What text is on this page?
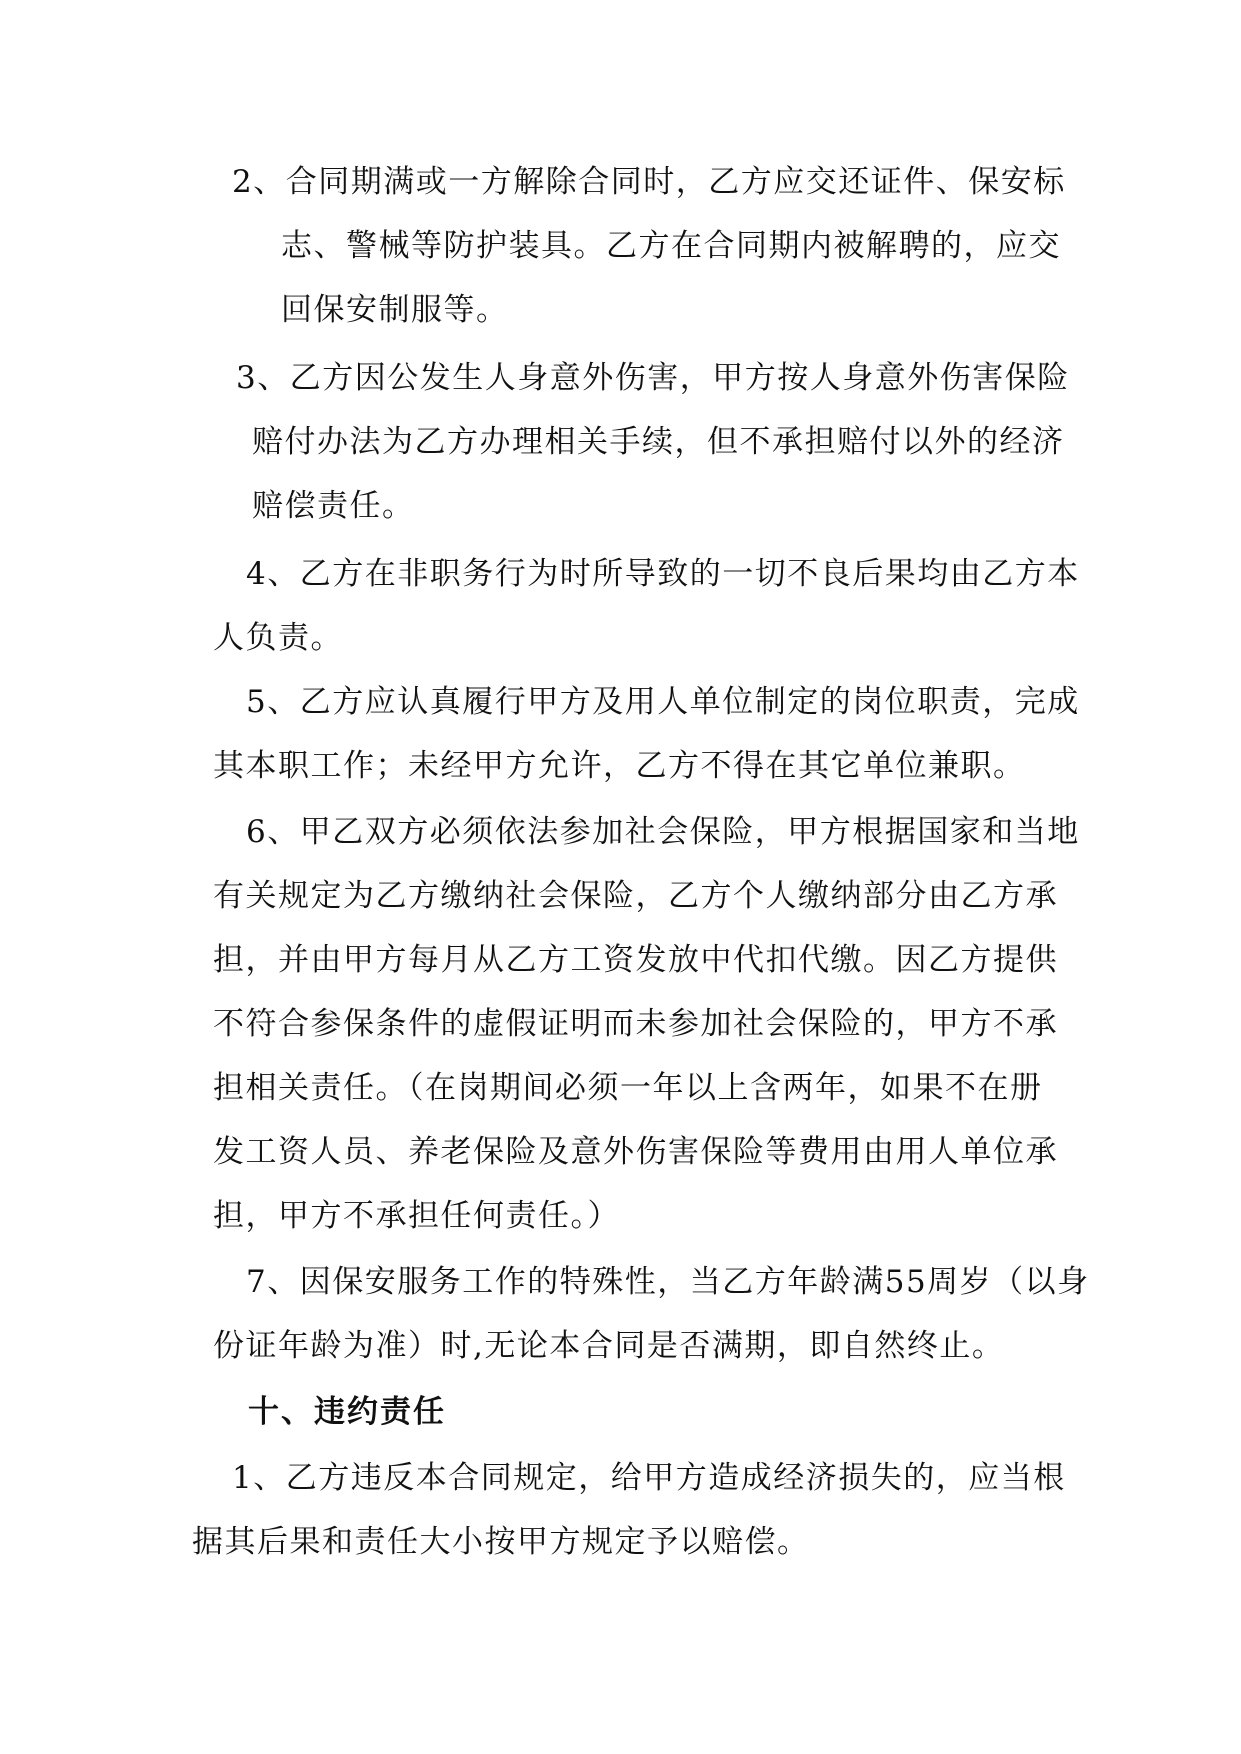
2、合同期满或一方解除合同时，乙方应交还证件、保安标

志、警械等防护装具。乙方在合同期内被解聘的，应交

回保安制服等。

3、乙方因公发生人身意外伤害，甲方按人身意外伤害保险

赔付办法为乙方办理相关手续，但不承担赔付以外的经济

赔偿责任。

4、乙方在非职务行为时所导致的一切不良后果均由乙方本

人负责。

5、乙方应认真履行甲方及用人单位制定的岗位职责，完成

其本职工作；未经甲方允许，乙方不得在其它单位兼职。

6、甲乙双方必须依法参加社会保险，甲方根据国家和当地

有关规定为乙方缴纳社会保险，乙方个人缴纳部分由乙方承

担，并由甲方每月从乙方工资发放中代扣代缴。因乙方提供

不符合参保条件的虚假证明而未参加社会保险的，甲方不承

担相关责任。（在岗期间必须一年以上含两年，如果不在册

发工资人员、养老保险及意外伤害保险等费用由用人单位承

担，甲方不承担任何责任。）

7、因保安服务工作的特殊性，当乙方年龄满55周岁（以身

份证年龄为准）时,无论本合同是否满期，即自然终止。

十、违约责任

1、乙方违反本合同规定，给甲方造成经济损失的，应当根

据其后果和责任大小按甲方规定予以赔偿。
